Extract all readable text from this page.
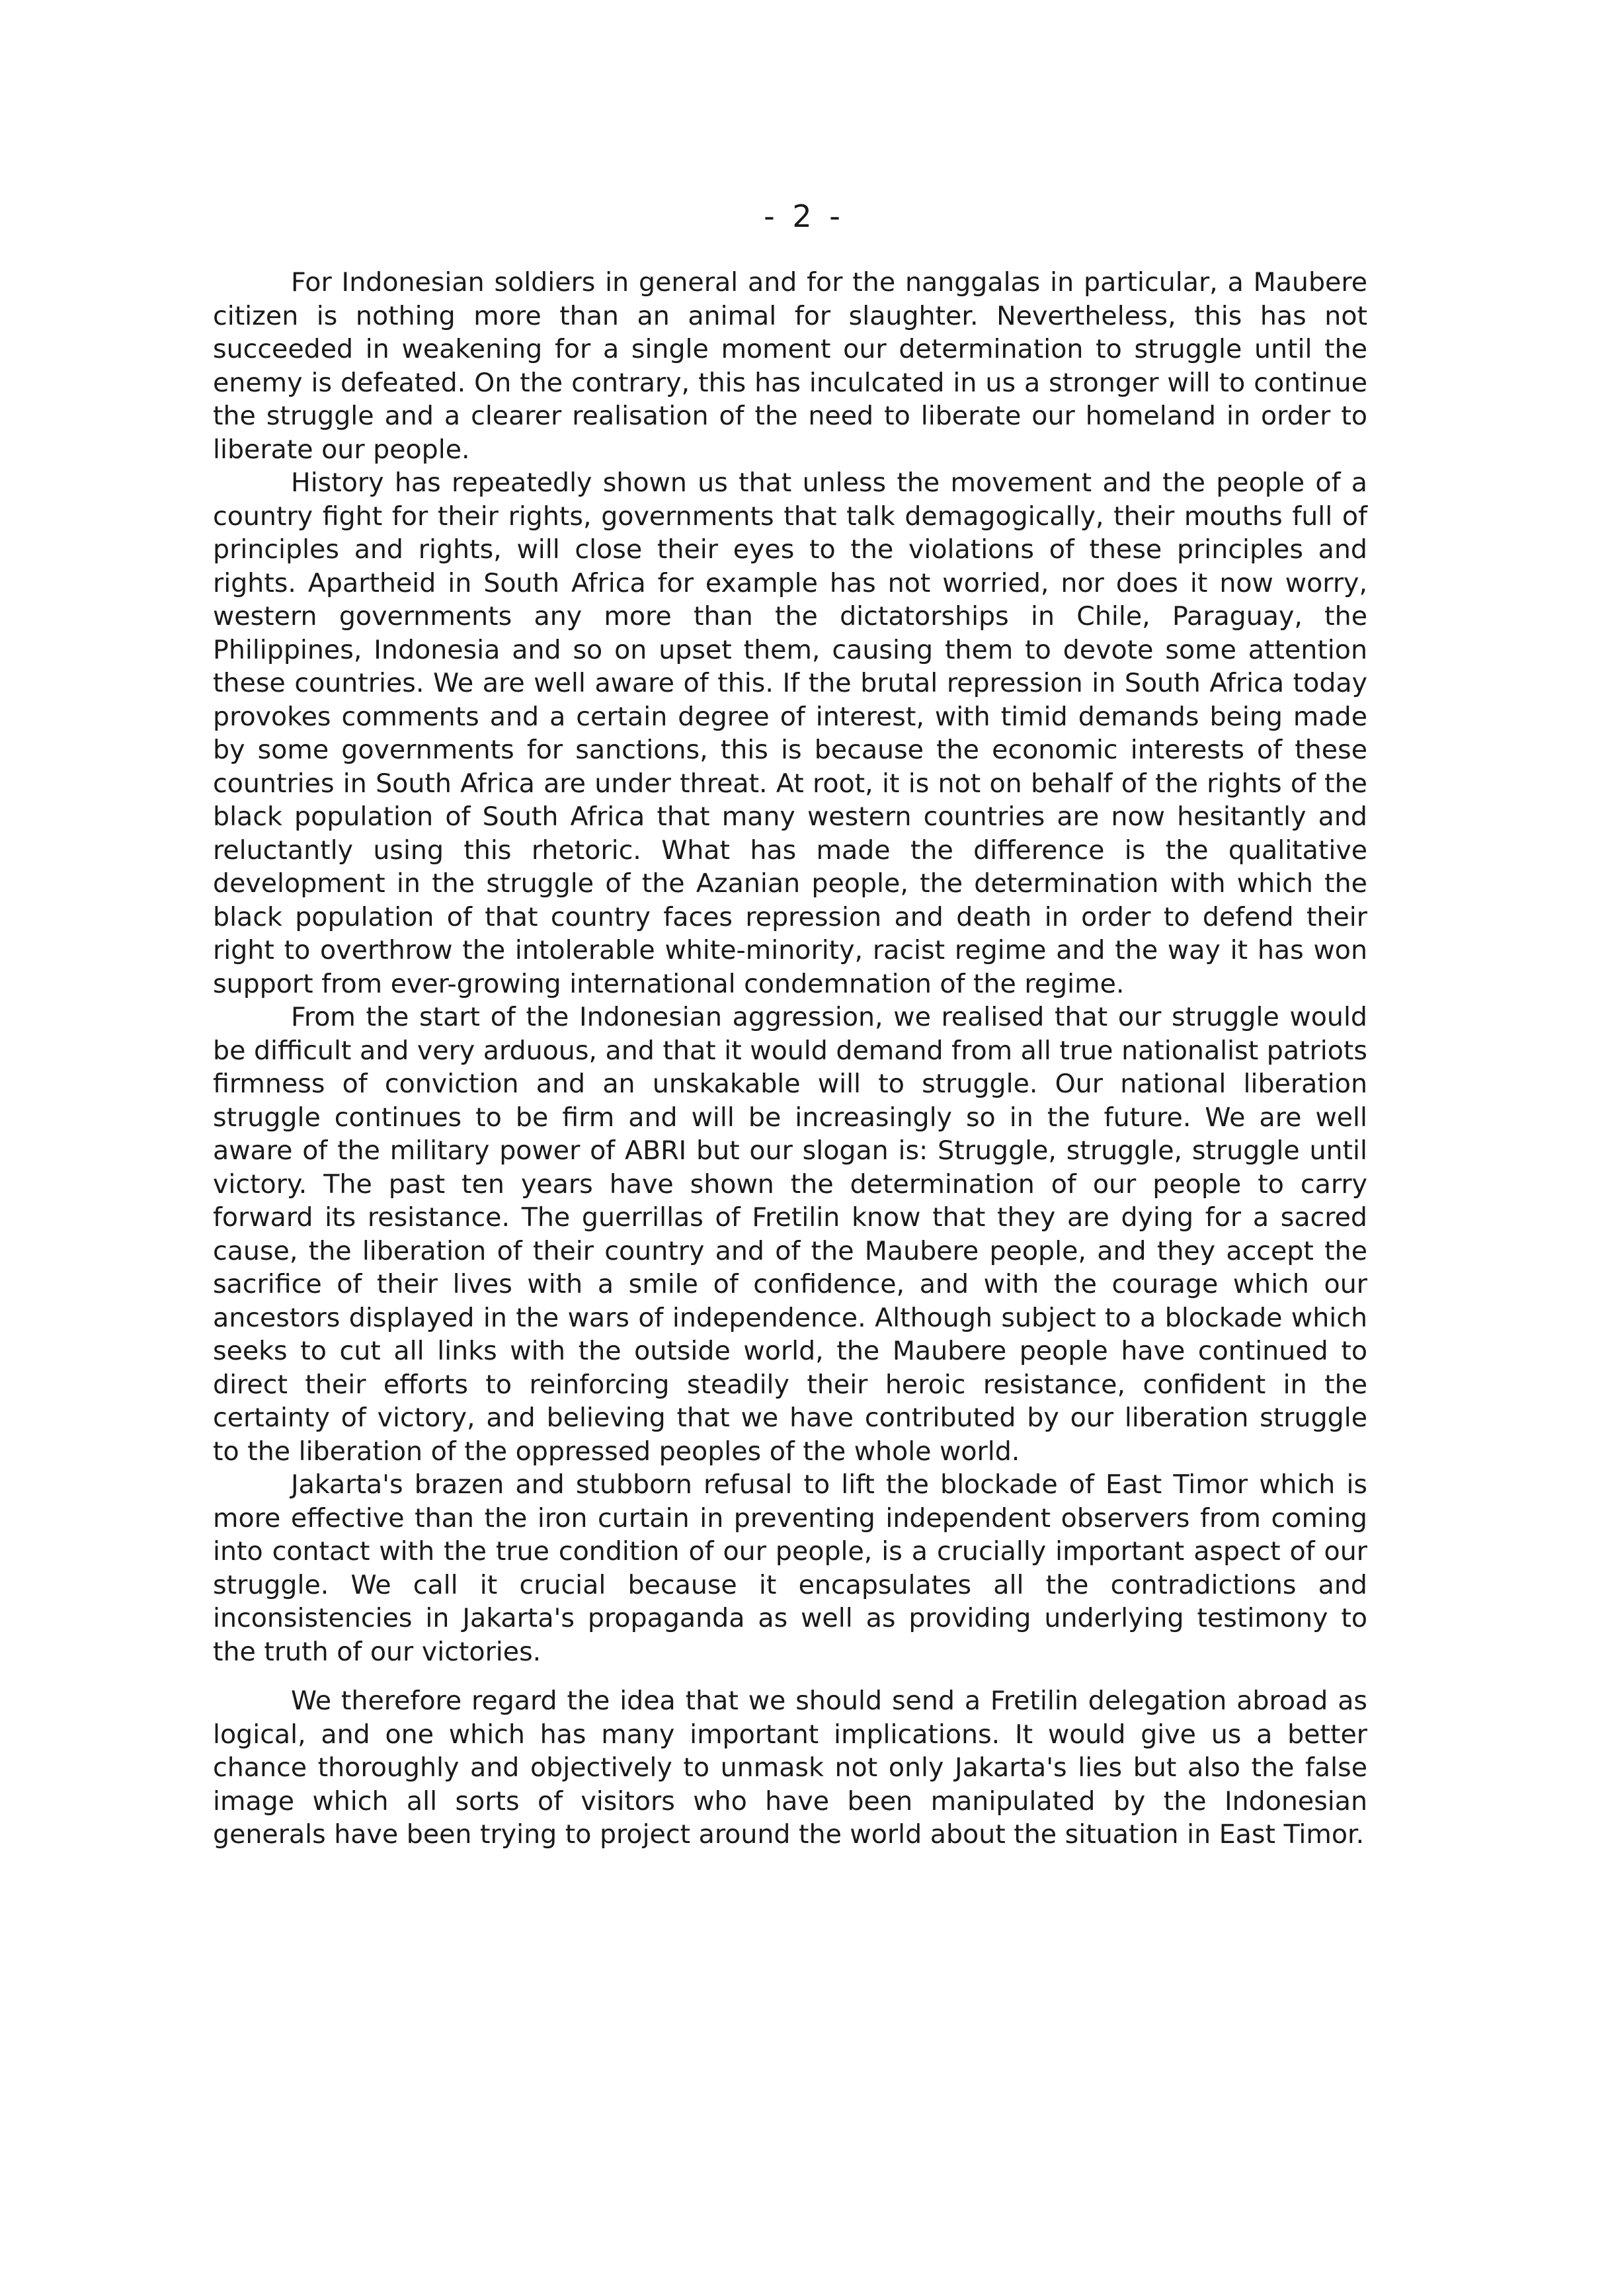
- 2 -

For Indonesian soldiers in general and for the nanggalas in particular, a Maubere citizen is nothing more than an animal for slaughter. Nevertheless, this has not succeeded in weakening for a single moment our determination to struggle until the enemy is defeated. On the contrary, this has inculcated in us a stronger will to continue the struggle and a clearer realisation of the need to liberate our homeland in order to liberate our people.

History has repeatedly shown us that unless the movement and the people of a country fight for their rights, governments that talk demagogically, their mouths full of principles and rights, will close their eyes to the violations of these principles and rights. Apartheid in South Africa for example has not worried, nor does it now worry, western governments any more than the dictatorships in Chile, Paraguay, the Philippines, Indonesia and so on upset them, causing them to devote some attention these countries. We are well aware of this. If the brutal repression in South Africa today provokes comments and a certain degree of interest, with timid demands being made by some governments for sanctions, this is because the economic interests of these countries in South Africa are under threat. At root, it is not on behalf of the rights of the black population of South Africa that many western countries are now hesitantly and reluctantly using this rhetoric. What has made the difference is the qualitative development in the struggle of the Azanian people, the determination with which the black population of that country faces repression and death in order to defend their right to overthrow the intolerable white-minority, racist regime and the way it has won support from ever-growing international condemnation of the regime.

From the start of the Indonesian aggression, we realised that our struggle would be difficult and very arduous, and that it would demand from all true nationalist patriots firmness of conviction and an unskakable will to struggle. Our national liberation struggle continues to be firm and will be increasingly so in the future. We are well aware of the military power of ABRI but our slogan is: Struggle, struggle, struggle until victory. The past ten years have shown the determination of our people to carry forward its resistance. The guerrillas of Fretilin know that they are dying for a sacred cause, the liberation of their country and of the Maubere people, and they accept the sacrifice of their lives with a smile of confidence, and with the courage which our ancestors displayed in the wars of independence. Although subject to a blockade which seeks to cut all links with the outside world, the Maubere people have continued to direct their efforts to reinforcing steadily their heroic resistance, confident in the certainty of victory, and believing that we have contributed by our liberation struggle to the liberation of the oppressed peoples of the whole world.

Jakarta's brazen and stubborn refusal to lift the blockade of East Timor which is more effective than the iron curtain in preventing independent observers from coming into contact with the true condition of our people, is a crucially important aspect of our struggle. We call it crucial because it encapsulates all the contradictions and inconsistencies in Jakarta's propaganda as well as providing underlying testimony to the truth of our victories.

We therefore regard the idea that we should send a Fretilin delegation abroad as logical, and one which has many important implications. It would give us a better chance thoroughly and objectively to unmask not only Jakarta's lies but also the false image which all sorts of visitors who have been manipulated by the Indonesian generals have been trying to project around the world about the situation in East Timor.
